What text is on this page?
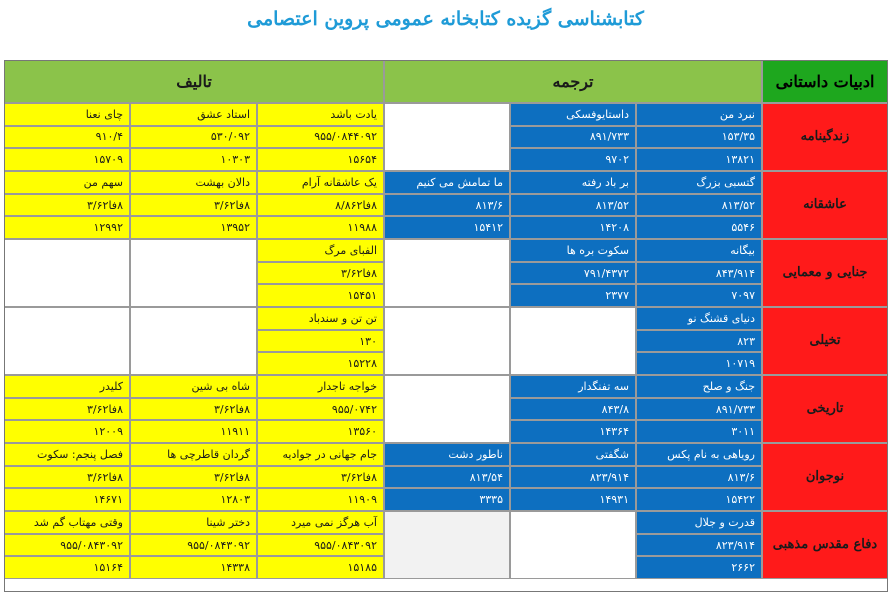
کتابشناسی گزیده کتابخانه عمومی پروین اعتصامی
ادبیات داستانی
ترجمه
تالیف
زندگینامه
نبرد من
۱۵۳/۳۵
۱۳۸۲۱
داستایوفسکی
۸۹۱/۷۳۳
۹۷۰۲
یادت باشد
۹۵۵/۰۸۴۴۰۹۲
۱۵۶۵۴
استاد عشق
۵۳۰/۰۹۲
۱۰۳۰۳
چای نعنا
۹۱۰/۴
۱۵۷۰۹
عاشقانه
گتسبی بزرگ
۸۱۳/۵۲
۵۵۴۶
بر باد رفته
۸۱۳/۵۲
۱۴۲۰۸
ما تمامش می کنیم
۸۱۳/۶
۱۵۴۱۲
یک عاشقانه آرام
۸فا۸/۸۶۲
۱۱۹۸۸
دالان بهشت
۸فا۳/۶۲
۱۳۹۵۲
سهم من
۸فا۳/۶۲
۱۲۹۹۲
جنایی و معمایی
بیگانه
۸۴۳/۹۱۴
۷۰۹۷
سکوت بره ها
۷۹۱/۴۳۷۲
۲۳۷۷
الفبای مرگ
۸فا۳/۶۲
۱۵۴۵۱
تخیلی
دنیای قشنگ نو
۸۲۳
۱۰۷۱۹
تن تن و سندباد
۱۳۰
۱۵۲۲۸
تاریخی
جنگ و صلح
۸۹۱/۷۳۳
۳۰۱۱
سه تفنگدار
۸۴۳/۸
۱۴۳۶۴
خواجه تاجدار
۹۵۵/۰۷۴۲
۱۳۵۶۰
شاه بی شین
۸فا۳/۶۲
۱۱۹۱۱
کلیدر
۸فا۳/۶۲
۱۲۰۰۹
نوجوان
رویاهی به نام پکس
۸۱۳/۶
۱۵۴۲۲
شگفتی
۸۲۳/۹۱۴
۱۴۹۳۱
ناطور دشت
۸۱۳/۵۴
۳۳۳۵
جام جهانی در جوادیه
۸فا۳/۶۲
۱۱۹۰۹
گردان قاطرچی ها
۸فا۳/۶۲
۱۲۸۰۳
فصل پنجم: سکوت
۸فا۳/۶۲
۱۴۶۷۱
دفاع مقدس مذهبی
قدرت و جلال
۸۲۳/۹۱۴
۲۶۶۲
آب هرگز نمی میرد
۹۵۵/۰۸۴۳۰۹۲
۱۵۱۸۵
دختر شینا
۹۵۵/۰۸۴۳۰۹۲
۱۴۳۳۸
وقتی مهتاب گم شد
۹۵۵/۰۸۴۳۰۹۲
۱۵۱۶۴
